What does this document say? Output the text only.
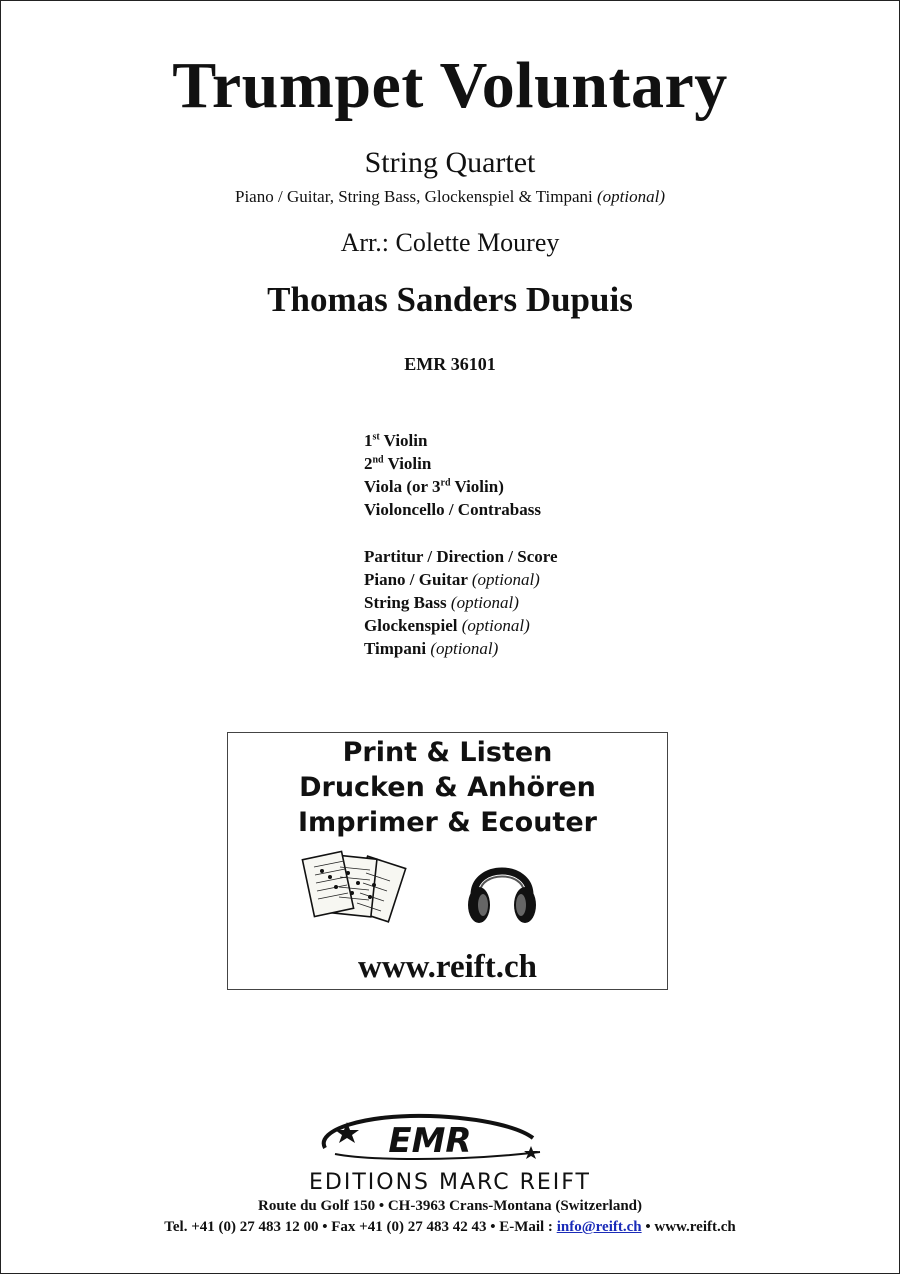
Trumpet Voluntary
String Quartet
Piano / Guitar, String Bass, Glockenspiel & Timpani (optional)
Arr.: Colette Mourey
Thomas Sanders Dupuis
EMR 36101
1st Violin
2nd Violin
Viola (or 3rd Violin)
Violoncello / Contrabass
Partitur / Direction / Score
Piano / Guitar (optional)
String Bass (optional)
Glockenspiel (optional)
Timpani (optional)
Print & Listen
Drucken & Anhören
Imprimer & Ecouter
www.reift.ch
EMR
EDITIONS MARC REIFT
Route du Golf 150 • CH-3963 Crans-Montana (Switzerland)
Tel. +41 (0) 27 483 12 00 • Fax +41 (0) 27 483 42 43 • E-Mail : info@reift.ch • www.reift.ch
